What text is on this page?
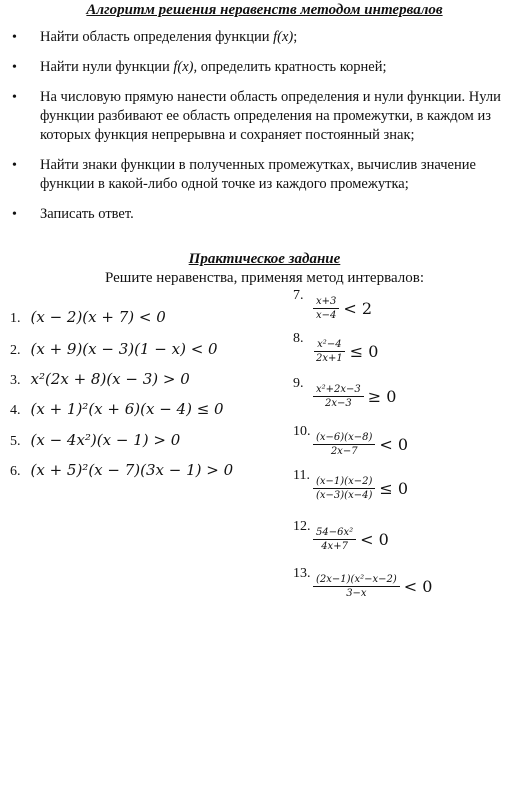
Алгоритм решения неравенств методом интервалов
• Найти область определения функции f(x);
• Найти нули функции f(x), определить кратность корней;
• На числовую прямую нанести область определения и нули функции. Нули функции разбивают ее область определения на промежутки, в каждом из которых функция непрерывна и сохраняет постоянный знак;
• Найти знаки функции в полученных промежутках, вычислив значение функции в какой-либо одной точке из каждого промежутка;
• Записать ответ.
Практическое задание
Решите неравенства, применяя метод интервалов:
1. (x − 2)(x + 7) < 0
2. (x + 9)(x − 3)(1 − x) < 0
3. x²(2x + 8)(x − 3) > 0
4. (x + 1)²(x + 6)(x − 4) ≤ 0
5. (x − 4x²)(x − 1) > 0
6. (x + 5)²(x − 7)(3x − 1) > 0
7.
$\frac{x+3}{x-4} < 2$
8.
$\frac{\text{x²−4}}{2x+1} \le 0$
9.
$\frac{\text{x²+2x−3}}{2x-3} \ge 0$
10.
$\frac{(x-6)(x-8)}{2x-7} < 0$
11.
$\frac{(x-1)(x-2)}{(x-3)(x-4)} \le 0$
12.
$\frac{\text{54−6x²}}{4x+7} < 0$
13.
$\frac{\text{(2x−1)(x²−x−2)}}{3-x} < 0$
